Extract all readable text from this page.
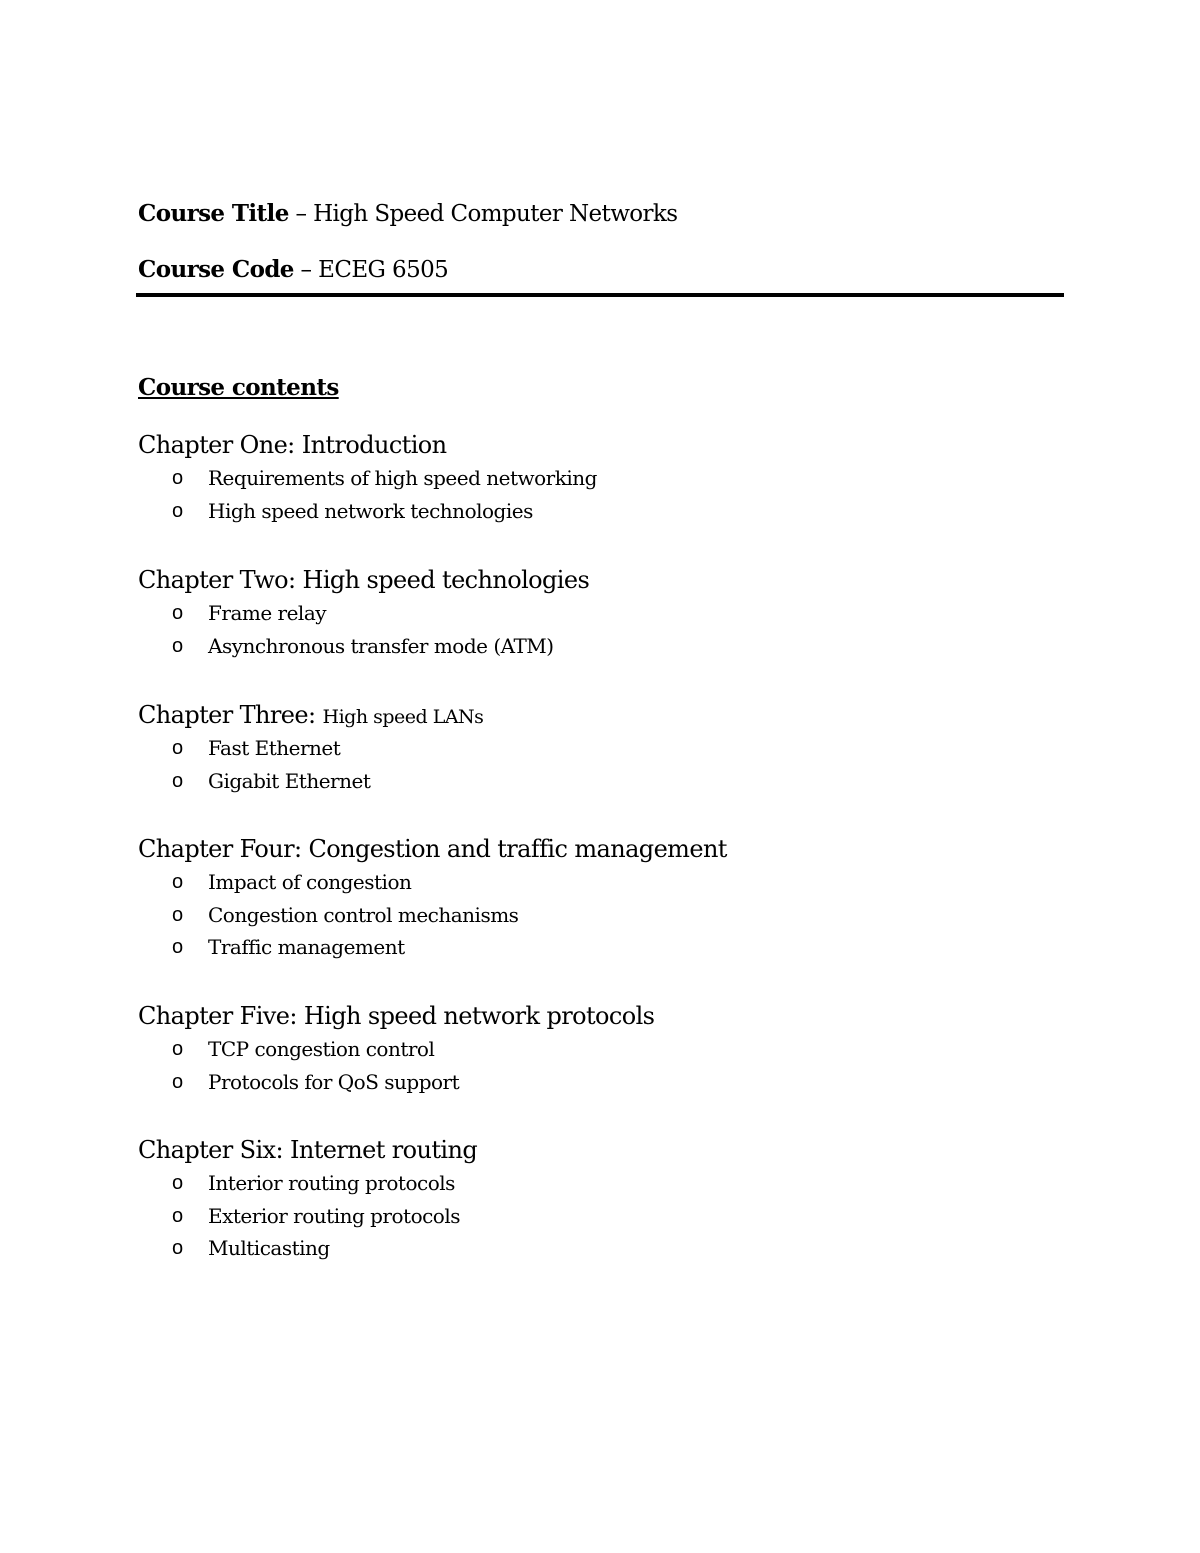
Course Title – High Speed Computer Networks
Course Code – ECEG 6505
Course contents
Chapter One: Introduction
o Requirements of high speed networking
o High speed network technologies
Chapter Two: High speed technologies
o Frame relay
o Asynchronous transfer mode (ATM)
Chapter Three: High speed LANs
o Fast Ethernet
o Gigabit Ethernet
Chapter Four: Congestion and traffic management
o Impact of congestion
o Congestion control mechanisms
o Traffic management
Chapter Five: High speed network protocols
o TCP congestion control
o Protocols for QoS support
Chapter Six: Internet routing
o Interior routing protocols
o Exterior routing protocols
o Multicasting
